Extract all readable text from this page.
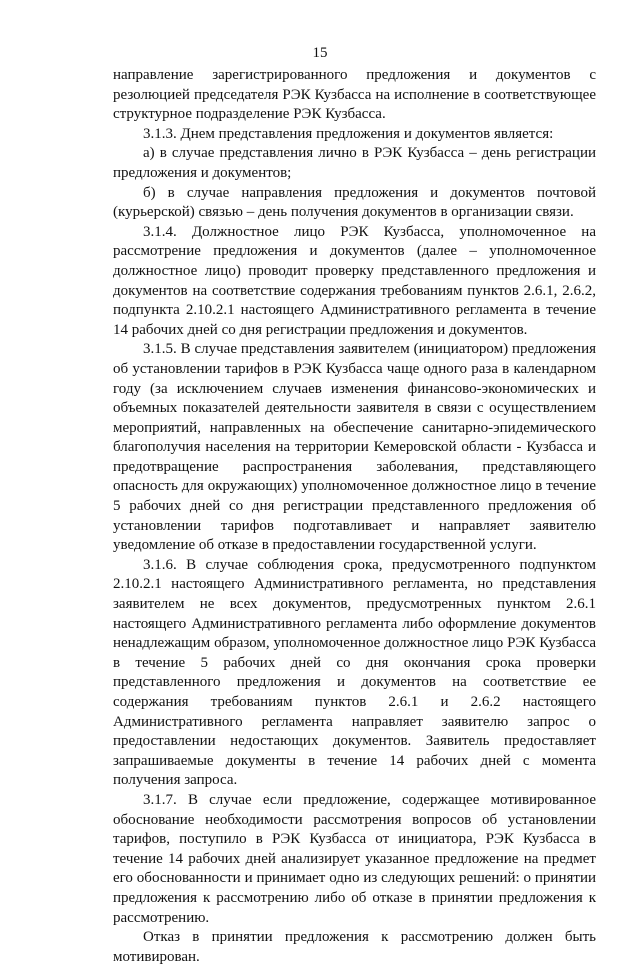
15

направление зарегистрированного предложения и документов с резолюцией председателя РЭК Кузбасса на исполнение в соответствующее структурное подразделение РЭК Кузбасса.

3.1.3. Днем представления предложения и документов является:

а) в случае представления лично в РЭК Кузбасса – день регистрации предложения и документов;

б) в случае направления предложения и документов почтовой (курьерской) связью – день получения документов в организации связи.

3.1.4. Должностное лицо РЭК Кузбасса, уполномоченное на рассмотрение предложения и документов (далее – уполномоченное должностное лицо) проводит проверку представленного предложения и документов на соответствие содержания требованиям пунктов 2.6.1, 2.6.2, подпункта 2.10.2.1 настоящего Административного регламента в течение 14 рабочих дней со дня регистрации предложения и документов.

3.1.5. В случае представления заявителем (инициатором) предложения об установлении тарифов в РЭК Кузбасса чаще одного раза в календарном году (за исключением случаев изменения финансово-экономических и объемных показателей деятельности заявителя в связи с осуществлением мероприятий, направленных на обеспечение санитарно-эпидемического благополучия населения на территории Кемеровской области - Кузбасса и предотвращение распространения заболевания, представляющего опасность для окружающих) уполномоченное должностное лицо в течение 5 рабочих дней со дня регистрации представленного предложения об установлении тарифов подготавливает и направляет заявителю уведомление об отказе в предоставлении государственной услуги.

3.1.6. В случае соблюдения срока, предусмотренного подпунктом 2.10.2.1 настоящего Административного регламента, но представления заявителем не всех документов, предусмотренных пунктом 2.6.1 настоящего Административного регламента либо оформление документов ненадлежащим образом, уполномоченное должностное лицо РЭК Кузбасса в течение 5 рабочих дней со дня окончания срока проверки представленного предложения и документов на соответствие ее содержания требованиям пунктов 2.6.1 и 2.6.2 настоящего Административного регламента направляет заявителю запрос о предоставлении недостающих документов. Заявитель предоставляет запрашиваемые документы в течение 14 рабочих дней с момента получения запроса.

3.1.7. В случае если предложение, содержащее мотивированное обоснование необходимости рассмотрения вопросов об установлении тарифов, поступило в РЭК Кузбасса от инициатора, РЭК Кузбасса в течение 14 рабочих дней анализирует указанное предложение на предмет его обоснованности и принимает одно из следующих решений: о принятии предложения к рассмотрению либо об отказе в принятии предложения к рассмотрению.

Отказ в принятии предложения к рассмотрению должен быть мотивирован.
